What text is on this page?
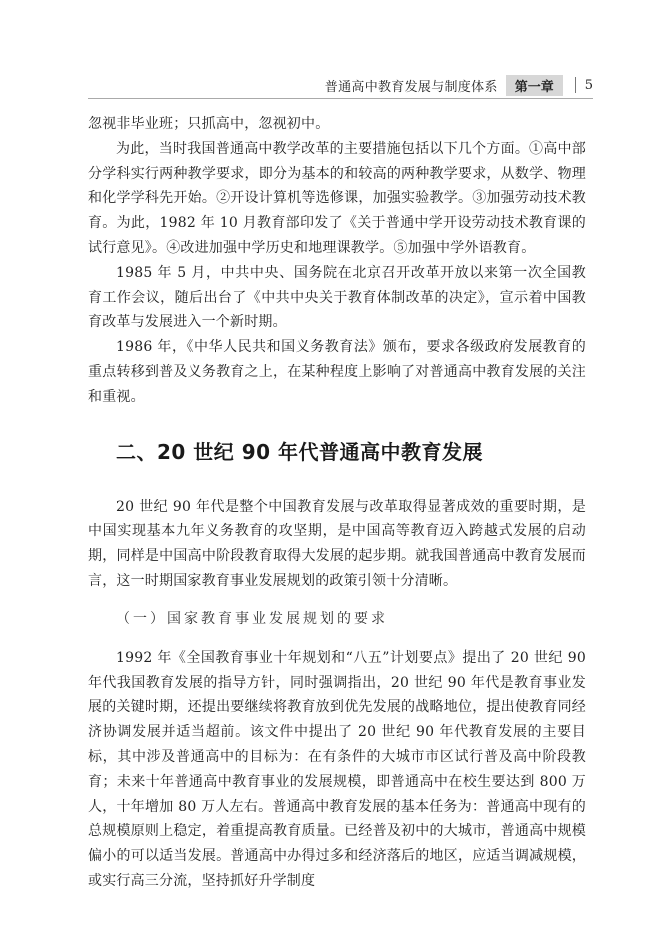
普通高中教育发展与制度体系	第一章	5

忽视非毕业班；只抓高中，忽视初中。

为此，当时我国普通高中教学改革的主要措施包括以下几个方面。①高中部分学科实行两种教学要求，即分为基本的和较高的两种教学要求，从数学、物理和化学学科先开始。②开设计算机等选修课，加强实验教学。③加强劳动技术教育。为此，1982 年 10 月教育部印发了《关于普通中学开设劳动技术教育课的试行意见》。④改进加强中学历史和地理课教学。⑤加强中学外语教育。

1985 年 5 月，中共中央、国务院在北京召开改革开放以来第一次全国教育工作会议，随后出台了《中共中央关于教育体制改革的决定》，宣示着中国教育改革与发展进入一个新时期。

1986 年，《中华人民共和国义务教育法》颁布，要求各级政府发展教育的重点转移到普及义务教育之上，在某种程度上影响了对普通高中教育发展的关注和重视。

二、20 世纪 90 年代普通高中教育发展

20 世纪 90 年代是整个中国教育发展与改革取得显著成效的重要时期，是中国实现基本九年义务教育的攻坚期，是中国高等教育迈入跨越式发展的启动期，同样是中国高中阶段教育取得大发展的起步期。就我国普通高中教育发展而言，这一时期国家教育事业发展规划的政策引领十分清晰。

（一）国家教育事业发展规划的要求

1992 年《全国教育事业十年规划和“八五”计划要点》提出了 20 世纪 90 年代我国教育发展的指导方针，同时强调指出，20 世纪 90 年代是教育事业发展的关键时期，还提出要继续将教育放到优先发展的战略地位，提出使教育同经济协调发展并适当超前。该文件中提出了 20 世纪 90 年代教育发展的主要目标，其中涉及普通高中的目标为：在有条件的大城市市区试行普及高中阶段教育；未来十年普通高中教育事业的发展规模，即普通高中在校生要达到 800 万人，十年增加 80 万人左右。普通高中教育发展的基本任务为：普通高中现有的总规模原则上稳定，着重提高教育质量。已经普及初中的大城市，普通高中规模偏小的可以适当发展。普通高中办得过多和经济落后的地区，应适当调减规模，或实行高三分流，坚持抓好升学制度
